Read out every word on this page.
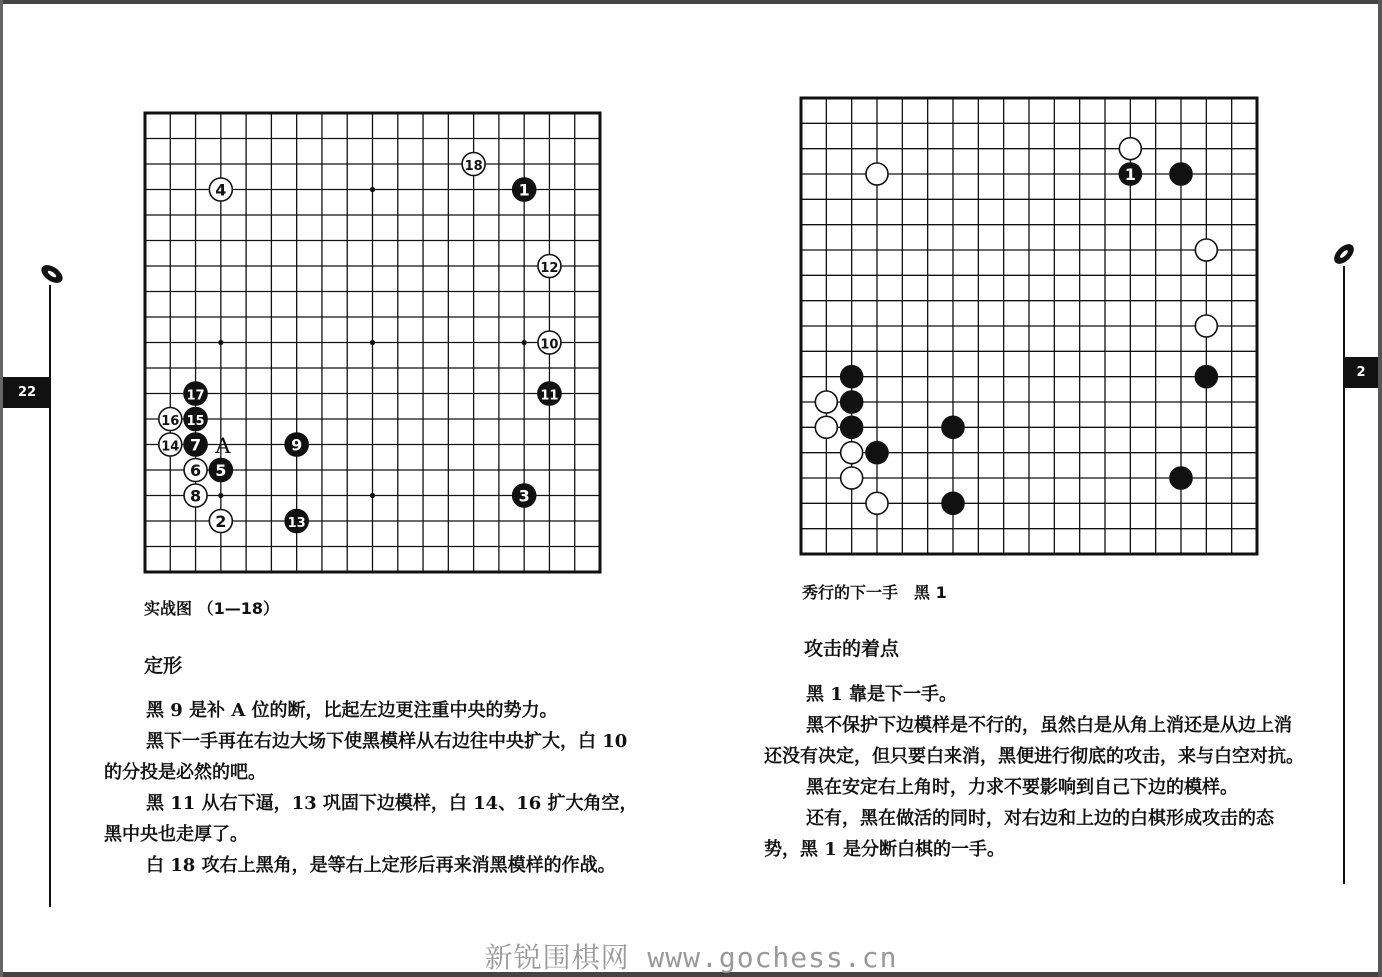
22
2
1
2
3
4
5
6
7
8
9
10
11
12
13
14
15
16
17
18
A
1
实战图 （1—18）
定形

黑 9 是补 A 位的断，比起左边更注重中央的势力。

黑下一手再在右边大场下使黑模样从右边往中央扩大，白 10 的分投是必然的吧。

黑 11 从右下逼，13 巩固下边模样，白 14、16 扩大角空，黑中央也走厚了。

白 18 攻右上黑角，是等右上定形后再来消黑模样的作战。

秀行的下一手　黑 1
攻击的着点

黑 1 靠是下一手。

黑不保护下边模样是不行的，虽然白是从角上消还是从边上消还没有决定，但只要白来消，黑便进行彻底的攻击，来与白空对抗。

黑在安定右上角时，力求不要影响到自己下边的模样。

还有，黑在做活的同时，对右边和上边的白棋形成攻击的态势，黑 1 是分断白棋的一手。

新锐围棋网 www.gochess.cn
